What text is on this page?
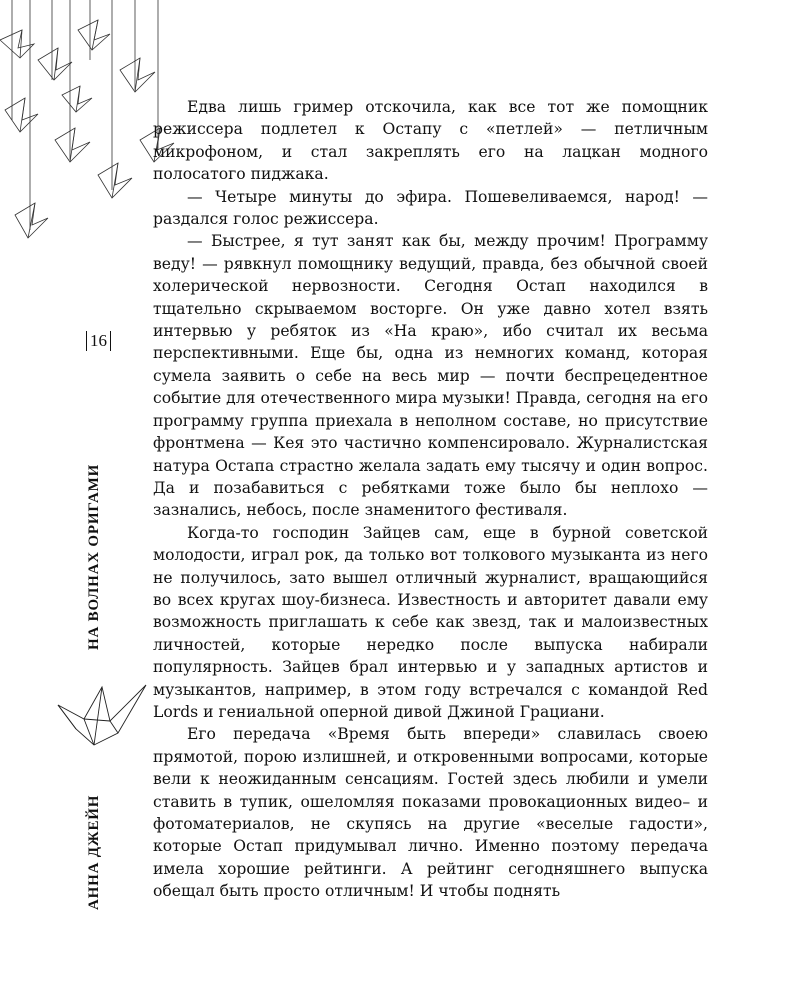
16
НА ВОЛНАХ ОРИГАМИ
АННА ДЖЕЙН

Едва лишь гример отскочила, как все тот же помощник режиссера подлетел к Остапу с «петлей» — петличным микрофоном, и стал закреплять его на лацкан модного полосатого пиджака.

— Четыре минуты до эфира. Пошевеливаемся, народ! — раздался голос режиссера.

— Быстрее, я тут занят как бы, между прочим! Программу веду! — рявкнул помощнику ведущий, правда, без обычной своей холерической нервозности. Сегодня Остап находился в тщательно скрываемом восторге. Он уже давно хотел взять интервью у ребяток из «На краю», ибо считал их весьма перспективными. Еще бы, одна из немногих команд, которая сумела заявить о себе на весь мир — почти беспрецедентное событие для отечественного мира музыки! Правда, сегодня на его программу группа приехала в неполном составе, но присутствие фронтмена — Кея это частично компенсировало. Журналистская натура Остапа страстно желала задать ему тысячу и один вопрос. Да и позабавиться с ребятками тоже было бы неплохо — зазнались, небось, после знаменитого фестиваля.

Когда-то господин Зайцев сам, еще в бурной советской молодости, играл рок, да только вот толкового музыканта из него не получилось, зато вышел отличный журналист, вращающийся во всех кругах шоу-бизнеса. Известность и авторитет давали ему возможность приглашать к себе как звезд, так и малоизвестных личностей, которые нередко после выпуска набирали популярность. Зайцев брал интервью и у западных артистов и музыкантов, например, в этом году встречался с командой Red Lords и гениальной оперной дивой Джиной Грациани.

Его передача «Время быть впереди» славилась своею прямотой, порою излишней, и откровенными вопросами, которые вели к неожиданным сенсациям. Гостей здесь любили и умели ставить в тупик, ошеломляя показами провокационных видео– и фотоматериалов, не скупясь на другие «веселые гадости», которые Остап придумывал лично. Именно поэтому передача имела хорошие рейтинги. А рейтинг сегодняшнего выпуска обещал быть просто отличным! И чтобы поднять
